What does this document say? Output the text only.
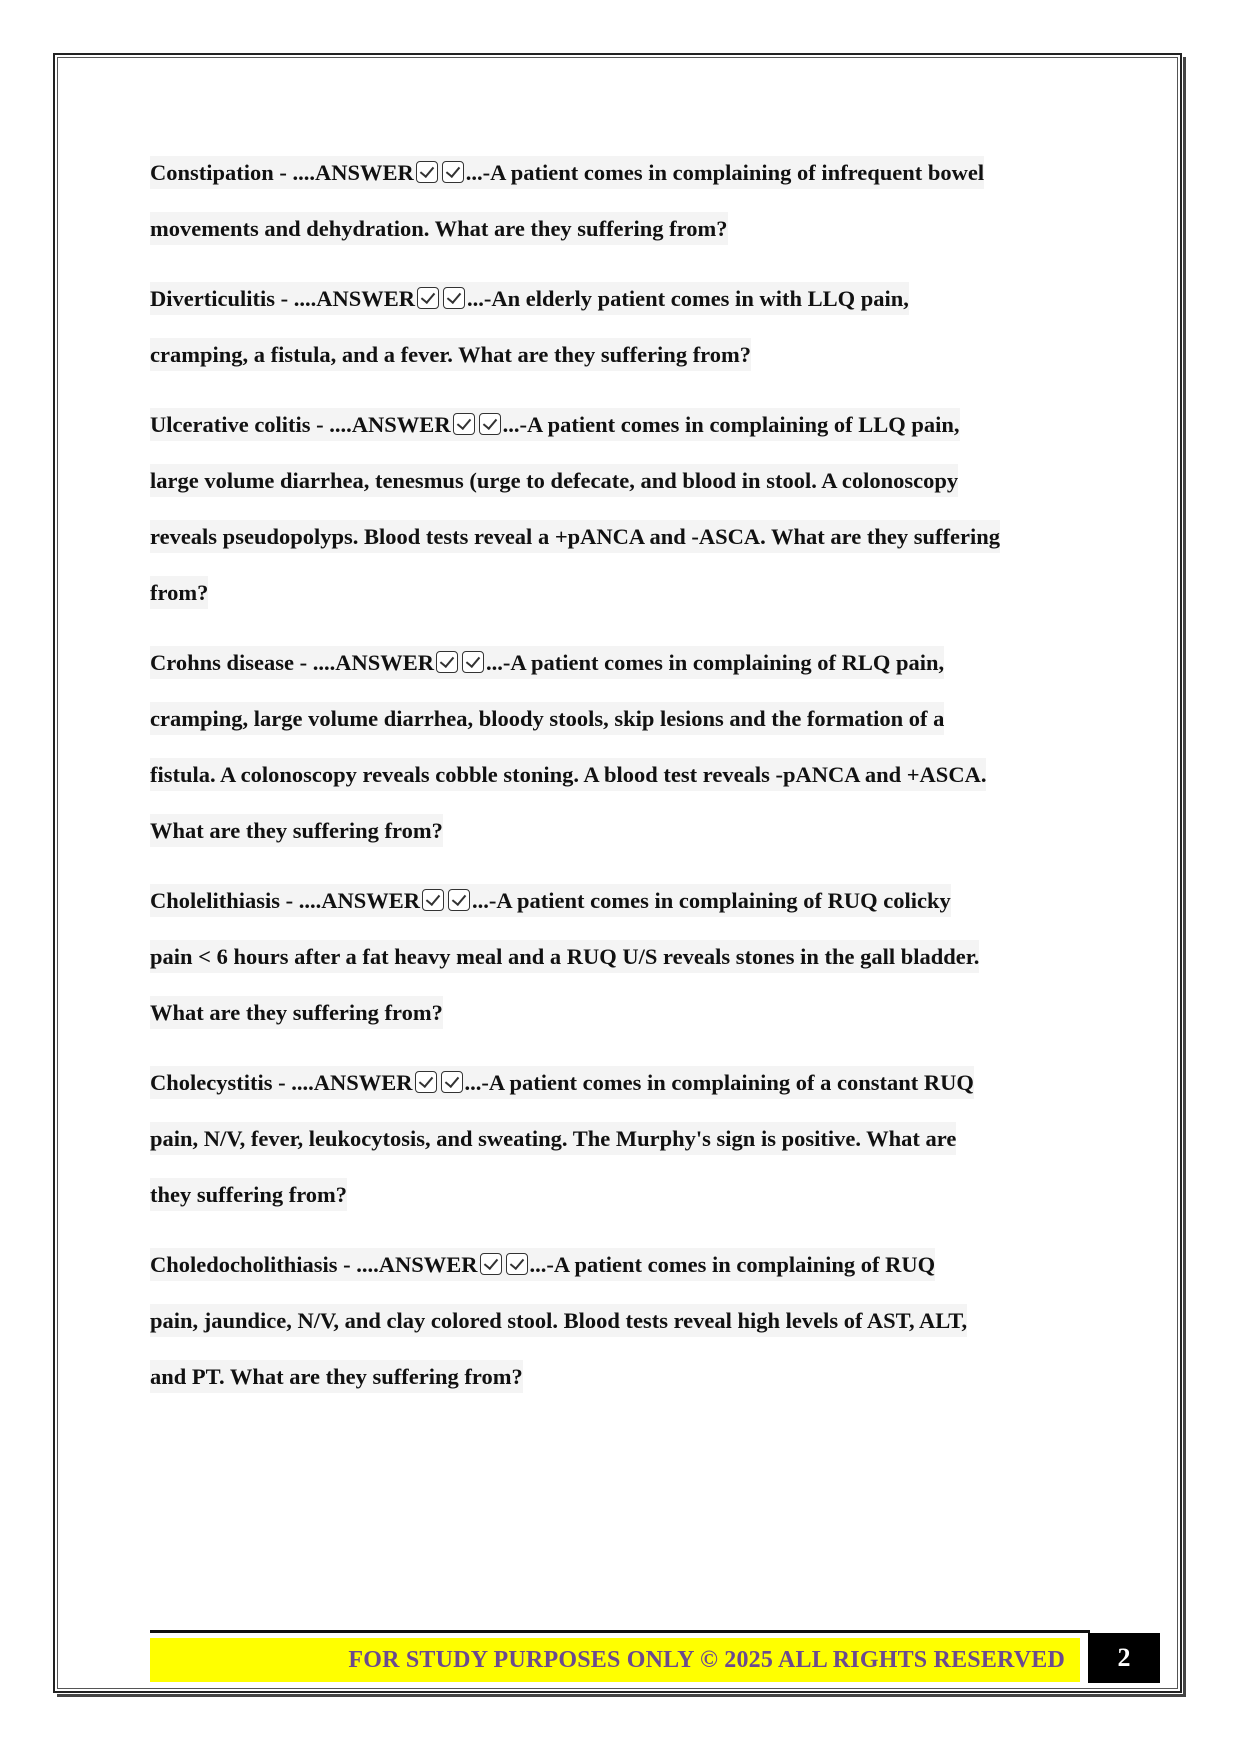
Constipation - ....ANSWER ...-A patient comes in complaining of infrequent bowel

movements and dehydration. What are they suffering from?

Diverticulitis - ....ANSWER ...-An elderly patient comes in with LLQ pain,

cramping, a fistula, and a fever. What are they suffering from?

Ulcerative colitis - ....ANSWER ...-A patient comes in complaining of LLQ pain,

large volume diarrhea, tenesmus (urge to defecate, and blood in stool. A colonoscopy

reveals pseudopolyps. Blood tests reveal a +pANCA and -ASCA. What are they suffering

from?

Crohns disease - ....ANSWER ...-A patient comes in complaining of RLQ pain,

cramping, large volume diarrhea, bloody stools, skip lesions and the formation of a

fistula. A colonoscopy reveals cobble stoning. A blood test reveals -pANCA and +ASCA.

What are they suffering from?

Cholelithiasis - ....ANSWER ...-A patient comes in complaining of RUQ colicky

pain < 6 hours after a fat heavy meal and a RUQ U/S reveals stones in the gall bladder.

What are they suffering from?

Cholecystitis - ....ANSWER ...-A patient comes in complaining of a constant RUQ

pain, N/V, fever, leukocytosis, and sweating. The Murphy's sign is positive. What are

they suffering from?

Choledocholithiasis - ....ANSWER ...-A patient comes in complaining of RUQ

pain, jaundice, N/V, and clay colored stool. Blood tests reveal high levels of AST, ALT,

and PT. What are they suffering from?

FOR STUDY PURPOSES ONLY © 2025 ALL RIGHTS RESERVED	2
